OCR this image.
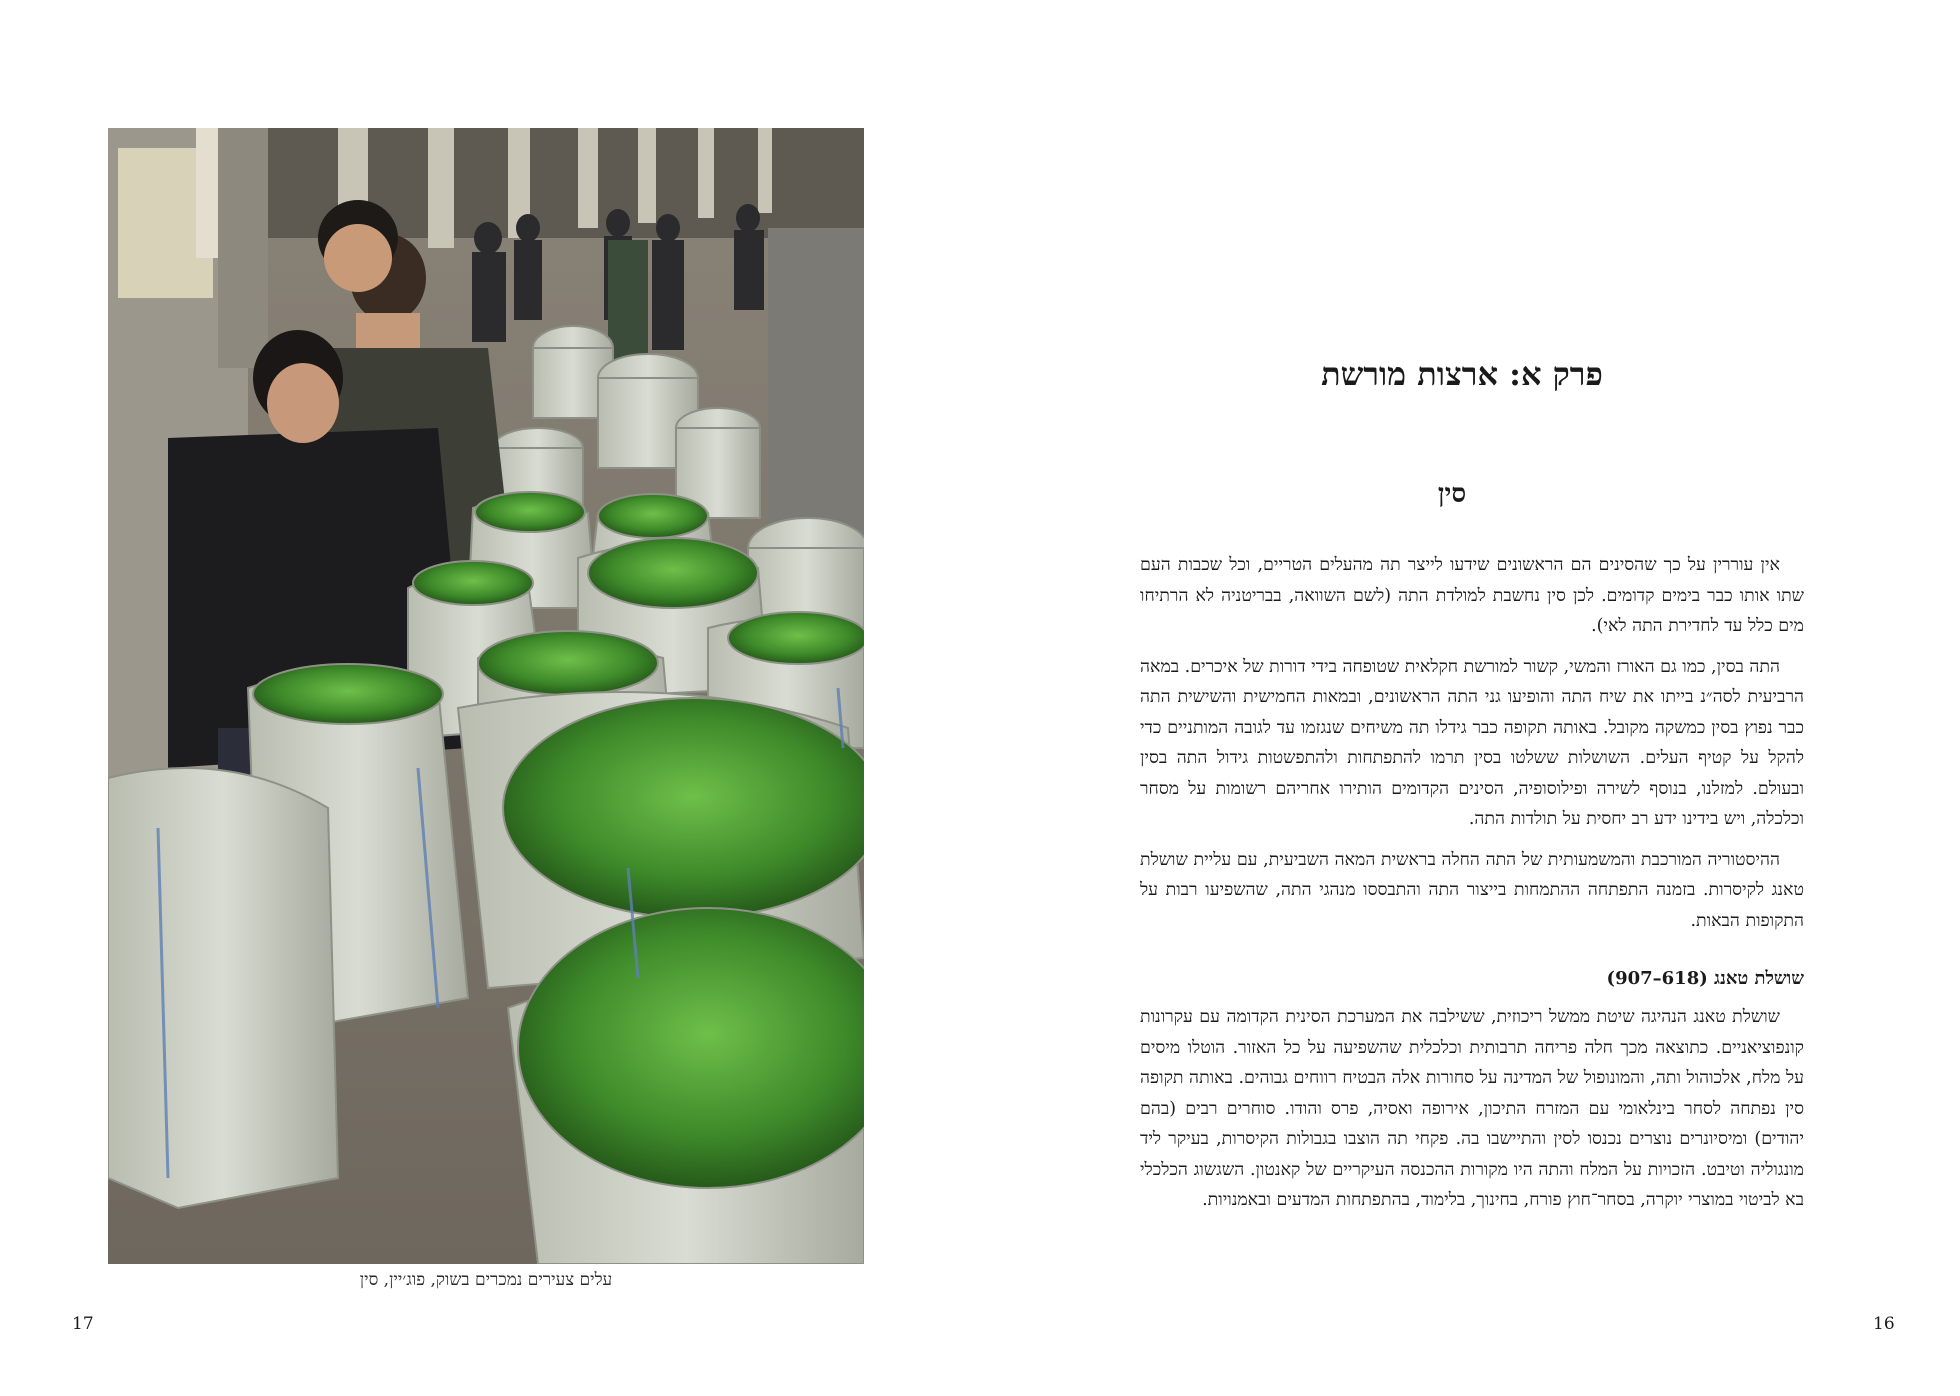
עלים צעירים נמכרים בשוק, פוג׳יין, סין
17
פרק א: ארצות מורשת
סין

אין עוררין על כך שהסינים הם הראשונים שידעו לייצר תה מהעלים הטריים, וכל שכבות העם שתו אותו כבר בימים קדומים. לכן סין נחשבת למולדת התה (לשם השוואה, בבריטניה לא הרתיחו מים כלל עד לחדירת התה לאי).

התה בסין, כמו גם האורז והמשי, קשור למורשת חקלאית שטופחה בידי דורות של איכרים. במאה הרביעית לסה״נ בייתו את שיח התה והופיעו גני התה הראשונים, ובמאות החמישית והשישית התה כבר נפוץ בסין כמשקה מקובל. באותה תקופה כבר גידלו תה משיחים שנגזמו עד לגובה המותניים כדי להקל על קטיף העלים. השושלות ששלטו בסין תרמו להתפתחות ולהתפשטות גידול התה בסין ובעולם. למזלנו, בנוסף לשירה ופילוסופיה, הסינים הקדומים הותירו אחריהם רשומות על מסחר וכלכלה, ויש בידינו ידע רב יחסית על תולדות התה.

ההיסטוריה המורכבת והמשמעותית של התה החלה בראשית המאה השביעית, עם עליית שושלת טאנג לקיסרות. בזמנה התפתחה ההתמחות בייצור התה והתבססו מנהגי התה, שהשפיעו רבות על התקופות הבאות.

שושלת טאנג (618–907)

שושלת טאנג הנהיגה שיטת ממשל ריכוזית, ששילבה את המערכת הסינית הקדומה עם עקרונות קונפוציאניים. כתוצאה מכך חלה פריחה תרבותית וכלכלית שהשפיעה על כל האזור. הוטלו מיסים על מלח, אלכוהול ותה, והמונופול של המדינה על סחורות אלה הבטיח רווחים גבוהים. באותה תקופה סין נפתחה לסחר בינלאומי עם המזרח התיכון, אירופה ואסיה, פרס והודו. סוחרים רבים (בהם יהודים) ומיסיונרים נוצרים נכנסו לסין והתיישבו בה. פקחי תה הוצבו בגבולות הקיסרות, בעיקר ליד מונגוליה וטיבט. הזכויות על המלח והתה היו מקורות ההכנסה העיקריים של קאנטון. השגשוג הכלכלי בא לביטוי במוצרי יוקרה, בסחר־חוץ פורח, בחינוך, בלימוד, בהתפתחות המדעים ובאמנויות.

16
